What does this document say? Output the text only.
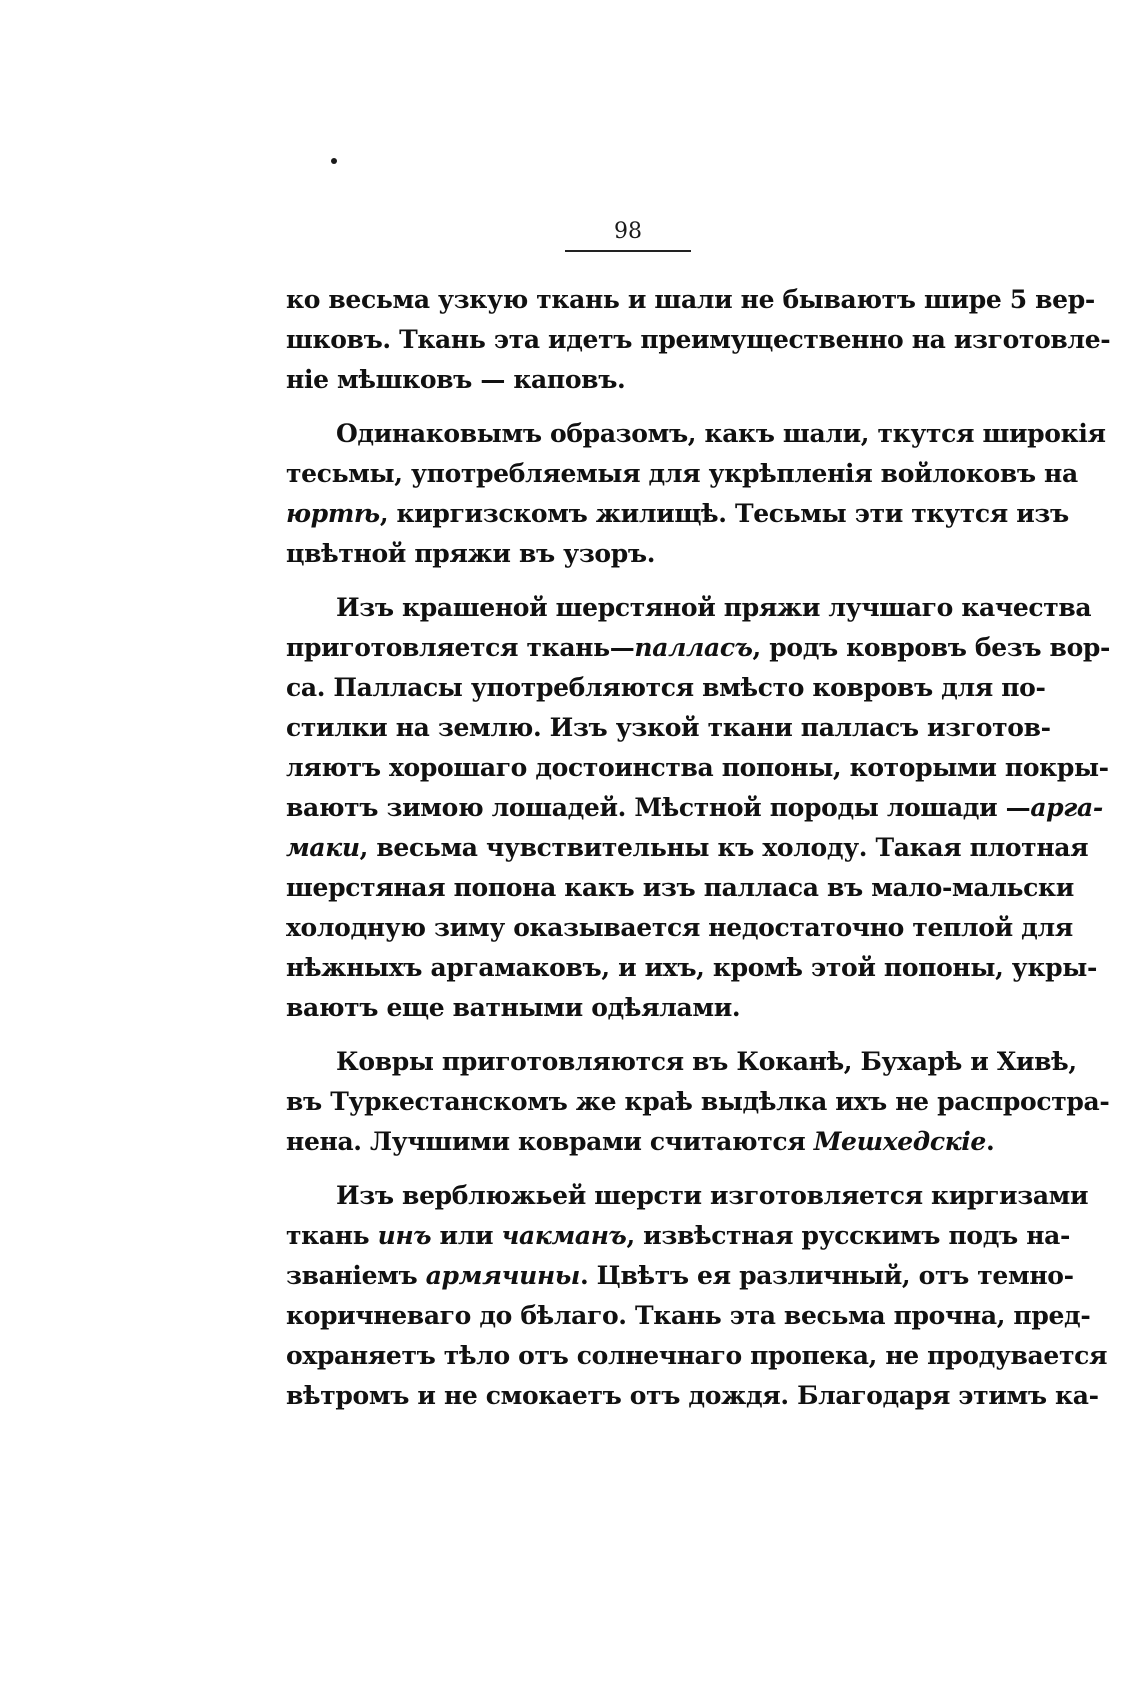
98
ко весьма узкую ткань и шали не бываютъ шире 5 вер-
шковъ. Ткань эта идетъ преимущественно на изготовле-
ніе мѣшковъ — каповъ.
Одинаковымъ образомъ, какъ шали, ткутся широкія
тесьмы, употребляемыя для укрѣпленія войлоковъ на
юртѣ, киргизскомъ жилищѣ. Тесьмы эти ткутся изъ
цвѣтной пряжи въ узоръ.
Изъ крашеной шерстяной пряжи лучшаго качества
приготовляется ткань—палласъ, родъ ковровъ безъ вор-
са. Палласы употребляются вмѣсто ковровъ для по-
стилки на землю. Изъ узкой ткани палласъ изготов-
ляютъ хорошаго достоинства попоны, которыми покры-
ваютъ зимою лошадей. Мѣстной породы лошади —арга-
маки, весьма чувствительны къ холоду. Такая плотная
шерстяная попона какъ изъ палласа въ мало-мальски
холодную зиму оказывается недостаточно теплой для
нѣжныхъ аргамаковъ, и ихъ, кромѣ этой попоны, укры-
ваютъ еще ватными одѣялами.
Ковры приготовляются въ Коканѣ, Бухарѣ и Хивѣ,
въ Туркестанскомъ же краѣ выдѣлка ихъ не распростра-
нена. Лучшими коврами считаются Мешхедскіе.
Изъ верблюжьей шерсти изготовляется киргизами
ткань инъ или чакманъ, извѣстная русскимъ подъ на-
званіемъ армячины. Цвѣтъ ея различный, отъ темно-
коричневаго до бѣлаго. Ткань эта весьма прочна, пред-
охраняетъ тѣло отъ солнечнаго пропека, не продувается
вѣтромъ и не смокаетъ отъ дождя. Благодаря этимъ ка-
